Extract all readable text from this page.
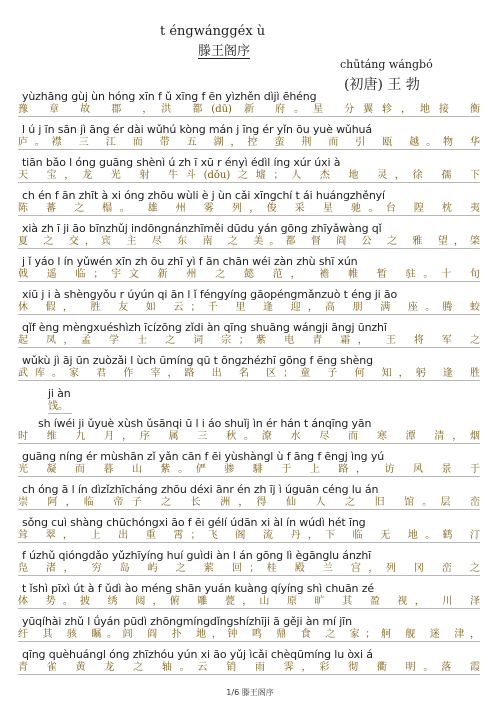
t éngwánggéx ù
滕王阁序
chūtáng wángbó
(初唐) 王 勃
yùzhāng gùj ùn hóng xīn f ǔ xīng f ēn yìzhěn dìjì ēhéng
豫 章 故 郡 ，洪 都(dū) 新 府。星 分翼轸，地接 衡
l ú j īn sān jì āng ér dài wǔhú kòng mán j īng ér yǐn ōu yuè wǔhuá
庐。襟 三 江 而 带 五 湖，控 蛮 荆 而 引 瓯 越。物 华
tiān bǎo l óng guāng shènì ú zh ī xū r ényì édìl íng xúr úxi à
天 宝，龙 光 射 牛斗(dǒu)之墟；人 杰 地 灵，徐 孺 下
ch én f ān zhīt à xi óng zhōu wùli è j ùn cǎi xīngchí t ái huángzhěnyí
陈 蕃 之 榻。 雄 州 雾 列，俊 采 星 驰。台 隍 枕 夷
xià zh ī ji āo bīnzhǔj indōngnánzhīměi dūdu yán gōng zhīyǎwàng qǐ
夏 之 交，宾 主 尽 东 南 之 美。都 督 阎 公 之 雅 望，棨
j ǐ yáo l ín yǔwén xīn zh ōu zhī yì f ān chān wéi zàn zhù shī xún
戟 遥 临；宇文 新 州 之 懿 范， 襜 帷 暂 驻。十 旬
xiū j i à shèngyǒu r úyún qi ān l ǐ féngyíng gāopéngmǎnzuò t éng ji āo
休 假， 胜 友 如 云；千 里 逢 迎，高 朋 满 座。腾 蛟
qǐf èng mèngxuéshìzh īcízōng zǐdi àn qīng shuāng wángji āngj ūnzhī
起 凤，孟 学 士 之 词 宗；紫 电 青 霜， 王 将 军 之
wǔkù jì āj ūn zuòzǎi l ùch ūmíng qū t ōngzhézhī gōng f ēng shèng
武库。家 君 作 宰，路 出 名 区；童 子 何 知，躬 逢 胜
ji àn
饯。
sh íwéi ji ǔyuè xùsh ǔsānqi ū l i áo shuǐj ìn ér hán t ánqīng yān
时 维 九 月，序 属 三 秋。潦 水 尽 而 寒 潭 清，烟
guāng níng ér mùshān zǐ yǎn cān f ēi yùshàngl ù f āng f ēngj ìng yú
光 凝 而 暮 山 紫。俨 骖 騑 于 上 路， 访 风 景 于
ch óng ā l ín dìzǐzhīcháng zhōu déxi ānr én zh īj ì úguān céng lu án
崇 阿，临 帝子 之 长 洲，得 仙 人 之 旧 馆。层 峦
sǒng cuì shàng chūchóngxi āo f ēi gélí údān xi àl ín wúdì hét īng
耸 翠， 上 出 重 霄；飞 阁 流 丹，下 临 无 地。鹤 汀
f úzhǔ qióngdǎo yǔzhīyíng huí guìdi àn l án gōng lì ègānglu ánzhī
凫 渚， 穷 岛 屿 之 萦 回；桂 殿 兰 宫，列 冈 峦 之
t ǐshì pīxì út à f ǔdì ào méng shān yuán kuàng qíyíng shì chuān zé
体 势。披 绣 闼，俯 雕 甍，山 原 旷 其 盈 视， 川 泽
yūqíhài zhǔ l ǘyán pūdì zhōngmíngdǐngshízhīji ā gěji àn mí jīn
纡 其 骇 瞩。闾 阎 扑 地，钟 鸣 鼎 食 之 家；舸 舰 迷 津，
qīng quèhuángl óng zhīzhóu yún xi āo yǔj ìcǎi chèqūmíng lu òxi á
青 雀 黄 龙 之 轴。云 销 雨 霁，彩 彻 衢 明。落 霞
1/6 滕王阁序
